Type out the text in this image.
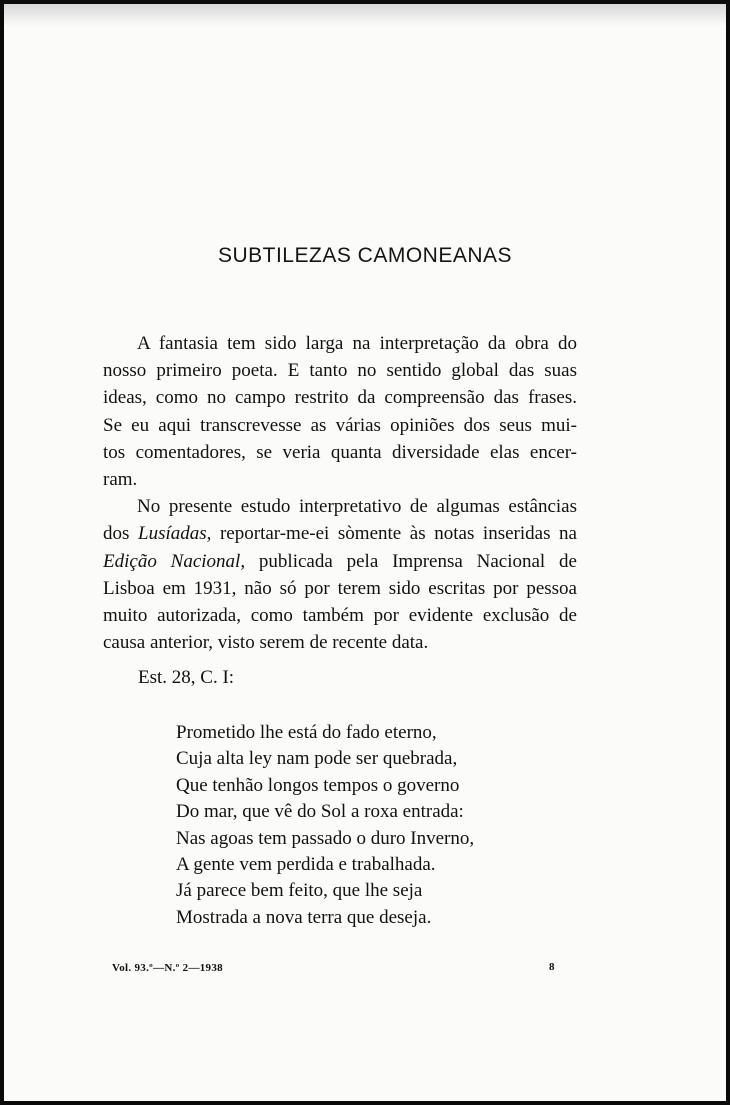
SUBTILEZAS CAMONEANAS

A fantasia tem sido larga na interpretação da obra do
nosso primeiro poeta. E tanto no sentido global das suas
ideas, como no campo restrito da compreensão das frases.
Se eu aqui transcrevesse as várias opiniões dos seus mui-
tos comentadores, se veria quanta diversidade elas encer-
ram.

No presente estudo interpretativo de algumas estâncias
dos Lusíadas, reportar-me-ei sòmente às notas inseridas na
Edição Nacional, publicada pela Imprensa Nacional de
Lisboa em 1931, não só por terem sido escritas por pessoa
muito autorizada, como também por evidente exclusão de
causa anterior, visto serem de recente data.

Est. 28, C. I:
Prometido lhe está do fado eterno,
Cuja alta ley nam pode ser quebrada,
Que tenhão longos tempos o governo
Do mar, que vê do Sol a roxa entrada:
Nas agoas tem passado o duro Inverno,
A gente vem perdida e trabalhada.
Já parece bem feito, que lhe seja
Mostrada a nova terra que deseja.
Vol. 93.º—N.º 2—1938	8
